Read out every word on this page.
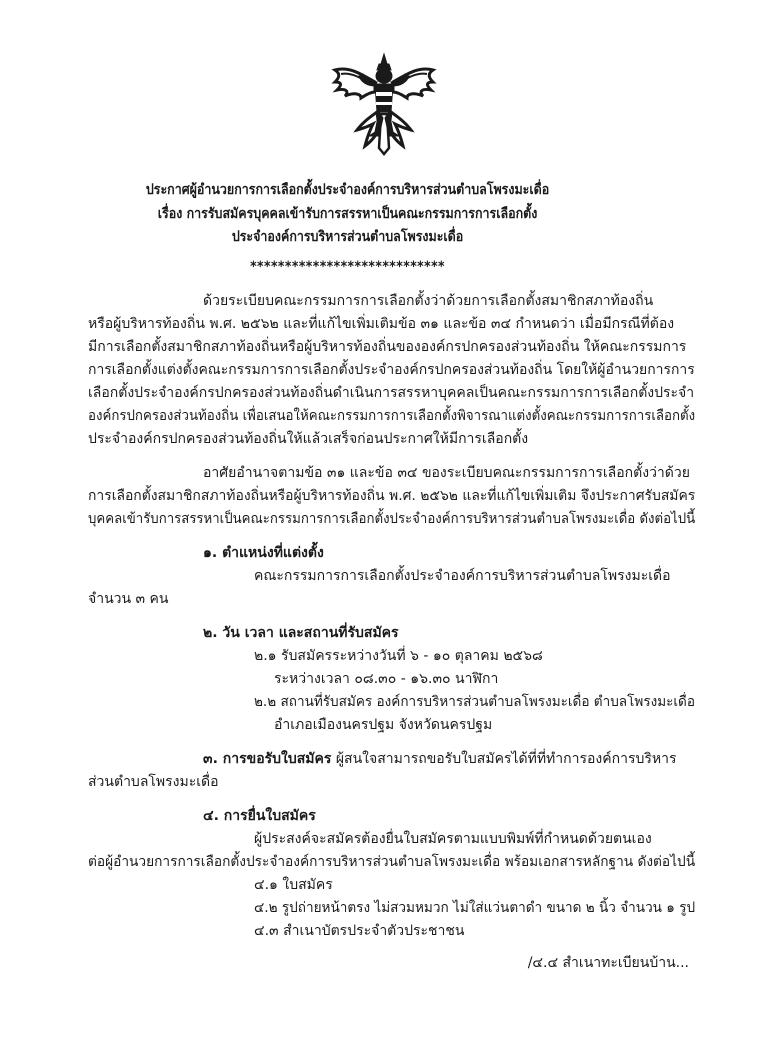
ประกาศผู้อำนวยการการเลือกตั้งประจำองค์การบริหารส่วนตำบลโพรงมะเดื่อ
เรื่อง การรับสมัครบุคคลเข้ารับการสรรหาเป็นคณะกรรมการการเลือกตั้ง
ประจำองค์การบริหารส่วนตำบลโพรงมะเดื่อ
****************************
ด้วยระเบียบคณะกรรมการการเลือกตั้งว่าด้วยการเลือกตั้งสมาชิกสภาท้องถิ่น
หรือผู้บริหารท้องถิ่น พ.ศ. ๒๕๖๒ และที่แก้ไขเพิ่มเติมข้อ ๓๑ และข้อ ๓๔ กำหนดว่า เมื่อมีกรณีที่ต้อง
มีการเลือกตั้งสมาชิกสภาท้องถิ่นหรือผู้บริหารท้องถิ่นขององค์กรปกครองส่วนท้องถิ่น ให้คณะกรรมการ
การเลือกตั้งแต่งตั้งคณะกรรมการการเลือกตั้งประจำองค์กรปกครองส่วนท้องถิ่น โดยให้ผู้อำนวยการการ
เลือกตั้งประจำองค์กรปกครองส่วนท้องถิ่นดำเนินการสรรหาบุคคลเป็นคณะกรรมการการเลือกตั้งประจำ
องค์กรปกครองส่วนท้องถิ่น เพื่อเสนอให้คณะกรรมการการเลือกตั้งพิจารณาแต่งตั้งคณะกรรมการการเลือกตั้ง
ประจำองค์กรปกครองส่วนท้องถิ่นให้แล้วเสร็จก่อนประกาศให้มีการเลือกตั้ง
อาศัยอำนาจตามข้อ ๓๑ และข้อ ๓๔ ของระเบียบคณะกรรมการการเลือกตั้งว่าด้วย
การเลือกตั้งสมาชิกสภาท้องถิ่นหรือผู้บริหารท้องถิ่น พ.ศ. ๒๕๖๒ และที่แก้ไขเพิ่มเติม จึงประกาศรับสมัคร
บุคคลเข้ารับการสรรหาเป็นคณะกรรมการการเลือกตั้งประจำองค์การบริหารส่วนตำบลโพรงมะเดื่อ ดังต่อไปนี้
๑. ตำแหน่งที่แต่งตั้ง
คณะกรรมการการเลือกตั้งประจำองค์การบริหารส่วนตำบลโพรงมะเดื่อ
จำนวน ๓ คน
๒. วัน เวลา และสถานที่รับสมัคร
๒.๑ รับสมัครระหว่างวันที่ ๖ - ๑๐ ตุลาคม ๒๕๖๘
ระหว่างเวลา ๐๘.๓๐ - ๑๖.๓๐ นาฬิกา
๒.๒ สถานที่รับสมัคร องค์การบริหารส่วนตำบลโพรงมะเดื่อ ตำบลโพรงมะเดื่อ
อำเภอเมืองนครปฐม จังหวัดนครปฐม
๓. การขอรับใบสมัคร ผู้สนใจสามารถขอรับใบสมัครได้ที่ที่ทำการองค์การบริหาร
ส่วนตำบลโพรงมะเดื่อ
๔. การยื่นใบสมัคร
ผู้ประสงค์จะสมัครต้องยื่นใบสมัครตามแบบพิมพ์ที่กำหนดด้วยตนเอง
ต่อผู้อำนวยการการเลือกตั้งประจำองค์การบริหารส่วนตำบลโพรงมะเดื่อ พร้อมเอกสารหลักฐาน ดังต่อไปนี้
๔.๑ ใบสมัคร
๔.๒ รูปถ่ายหน้าตรง ไม่สวมหมวก ไม่ใส่แว่นตาดำ ขนาด ๒ นิ้ว จำนวน ๑ รูป
๔.๓ สำเนาบัตรประจำตัวประชาชน
/๔.๔ สำเนาทะเบียนบ้าน...
